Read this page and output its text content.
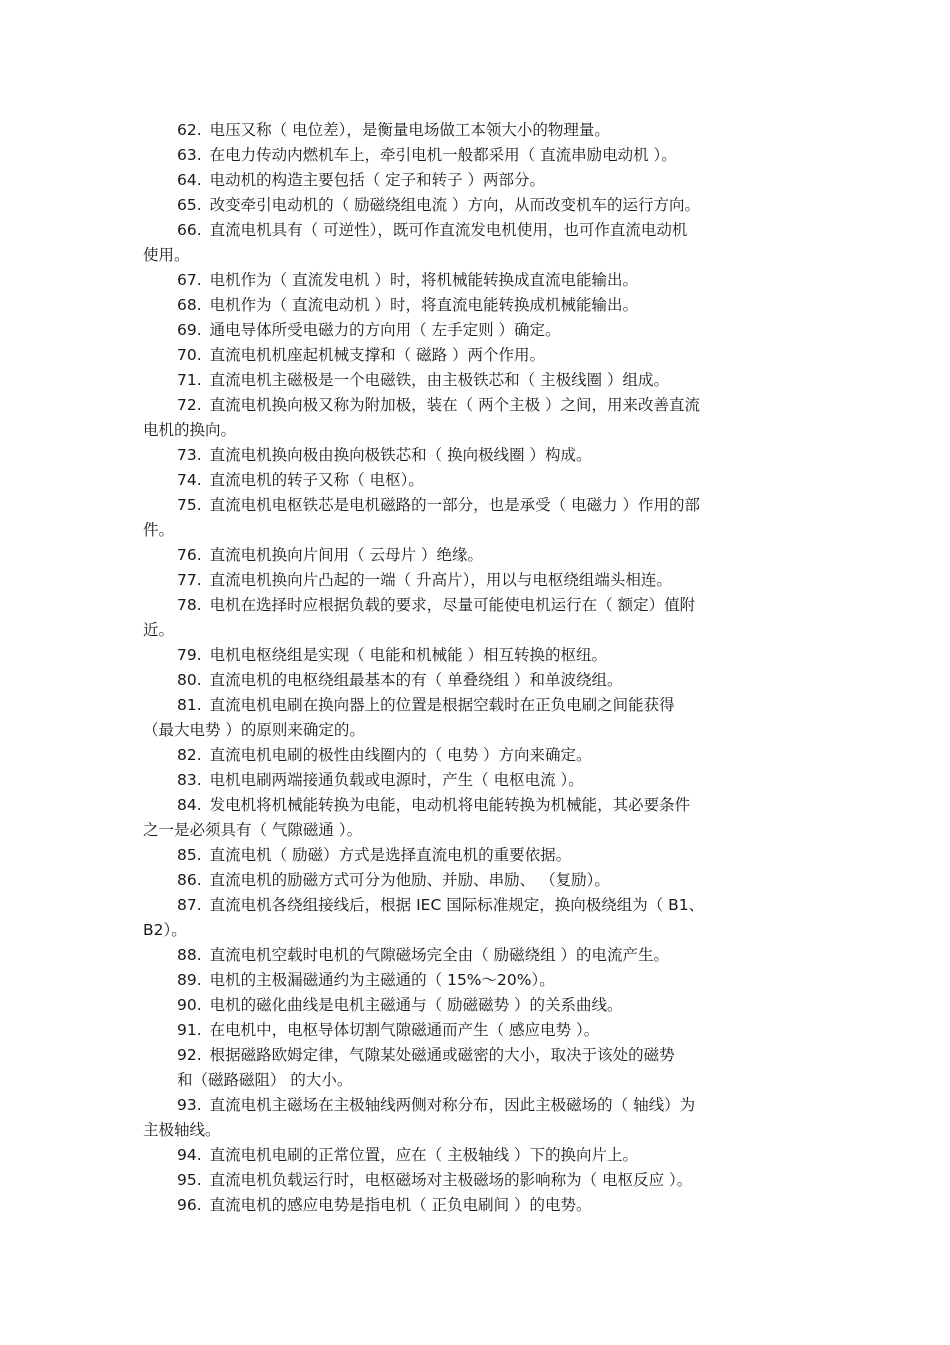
62. 电压又称（ 电位差），是衡量电场做工本领大小的物理量。
63. 在电力传动内燃机车上，牵引电机一般都采用（ 直流串励电动机 ）。
64. 电动机的构造主要包括（ 定子和转子 ）两部分。
65. 改变牵引电动机的（ 励磁绕组电流 ）方向，从而改变机车的运行方向。
66. 直流电机具有（ 可逆性），既可作直流发电机使用，也可作直流电动机
使用。
67. 电机作为（ 直流发电机 ）时，将机械能转换成直流电能输出。
68. 电机作为（ 直流电动机 ）时，将直流电能转换成机械能输出。
69. 通电导体所受电磁力的方向用（ 左手定则 ）确定。
70. 直流电机机座起机械支撑和（ 磁路 ）两个作用。
71. 直流电机主磁极是一个电磁铁，由主极铁芯和（ 主极线圈 ）组成。
72. 直流电机换向极又称为附加极，装在（ 两个主极 ）之间，用来改善直流
电机的换向。
73. 直流电机换向极由换向极铁芯和（ 换向极线圈 ）构成。
74. 直流电机的转子又称（ 电枢）。
75. 直流电机电枢铁芯是电机磁路的一部分，也是承受（ 电磁力 ）作用的部
件。
76. 直流电机换向片间用（ 云母片 ）绝缘。
77. 直流电机换向片凸起的一端（ 升高片），用以与电枢绕组端头相连。
78. 电机在选择时应根据负载的要求，尽量可能使电机运行在（ 额定）值附
近。
79. 电机电枢绕组是实现（ 电能和机械能 ）相互转换的枢纽。
80. 直流电机的电枢绕组最基本的有（ 单叠绕组 ）和单波绕组。
81. 直流电机电刷在换向器上的位置是根据空载时在正负电刷之间能获得
（最大电势 ）的原则来确定的。
82. 直流电机电刷的极性由线圈内的（ 电势 ）方向来确定。
83. 电机电刷两端接通负载或电源时，产生（ 电枢电流 ）。
84. 发电机将机械能转换为电能，电动机将电能转换为机械能，其必要条件
之一是必须具有（ 气隙磁通 ）。
85. 直流电机（ 励磁）方式是选择直流电机的重要依据。
86. 直流电机的励磁方式可分为他励、并励、串励、 （复励）。
87. 直流电机各绕组接线后，根据 IEC 国际标准规定，换向极绕组为（ B1、
B2）。
88. 直流电机空载时电机的气隙磁场完全由（ 励磁绕组 ）的电流产生。
89. 电机的主极漏磁通约为主磁通的（ 15%～20%）。
90. 电机的磁化曲线是电机主磁通与（ 励磁磁势 ）的关系曲线。
91. 在电机中，电枢导体切割气隙磁通而产生（ 感应电势 ）。
92. 根据磁路欧姆定律，气隙某处磁通或磁密的大小，取决于该处的磁势
和（磁路磁阻） 的大小。
93. 直流电机主磁场在主极轴线两侧对称分布，因此主极磁场的（ 轴线）为
主极轴线。
94. 直流电机电刷的正常位置，应在（ 主极轴线 ）下的换向片上。
95. 直流电机负载运行时，电枢磁场对主极磁场的影响称为（ 电枢反应 ）。
96. 直流电机的感应电势是指电机（ 正负电刷间 ）的电势。
